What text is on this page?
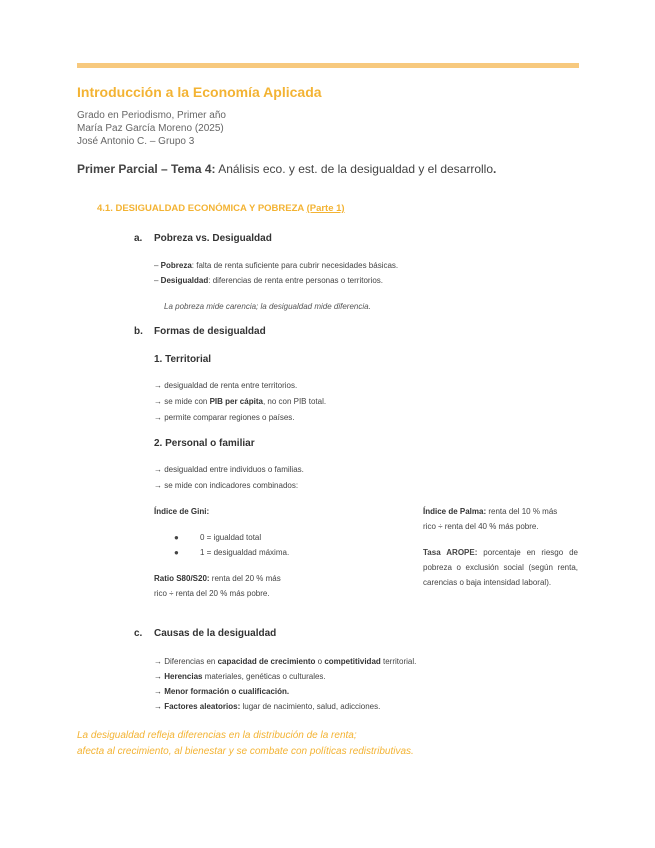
Introducción a la Economía Aplicada
Grado en Periodismo, Primer año
María Paz García Moreno (2025)
José Antonio C. – Grupo 3
Primer Parcial – Tema 4: Análisis eco. y est. de la desigualdad y el desarrollo.
4.1. DESIGUALDAD ECONÓMICA Y POBREZA (Parte 1)
a. Pobreza vs. Desigualdad
– Pobreza: falta de renta suficiente para cubrir necesidades básicas.
– Desigualdad: diferencias de renta entre personas o territorios.
La pobreza mide carencia; la desigualdad mide diferencia.
b. Formas de desigualdad
1. Territorial
→ desigualdad de renta entre territorios.
→ se mide con PIB per cápita, no con PIB total.
→ permite comparar regiones o países.
2. Personal o familiar
→ desigualdad entre individuos o familias.
→ se mide con indicadores combinados:
Índice de Gini:
●	0 = igualdad total
●	1 = desigualdad máxima.
Ratio S80/S20: renta del 20 % más
rico ÷ renta del 20 % más pobre.
Índice de Palma: renta del 10 % más
rico ÷ renta del 40 % más pobre.
Tasa AROPE: porcentaje en riesgo de pobreza o exclusión social (según renta, carencias o baja intensidad laboral).
c. Causas de la desigualdad
→ Diferencias en capacidad de crecimiento o competitividad territorial.
→ Herencias materiales, genéticas o culturales.
→ Menor formación o cualificación.
→ Factores aleatorios: lugar de nacimiento, salud, adicciones.
La desigualdad refleja diferencias en la distribución de la renta;
afecta al crecimiento, al bienestar y se combate con políticas redistributivas.
